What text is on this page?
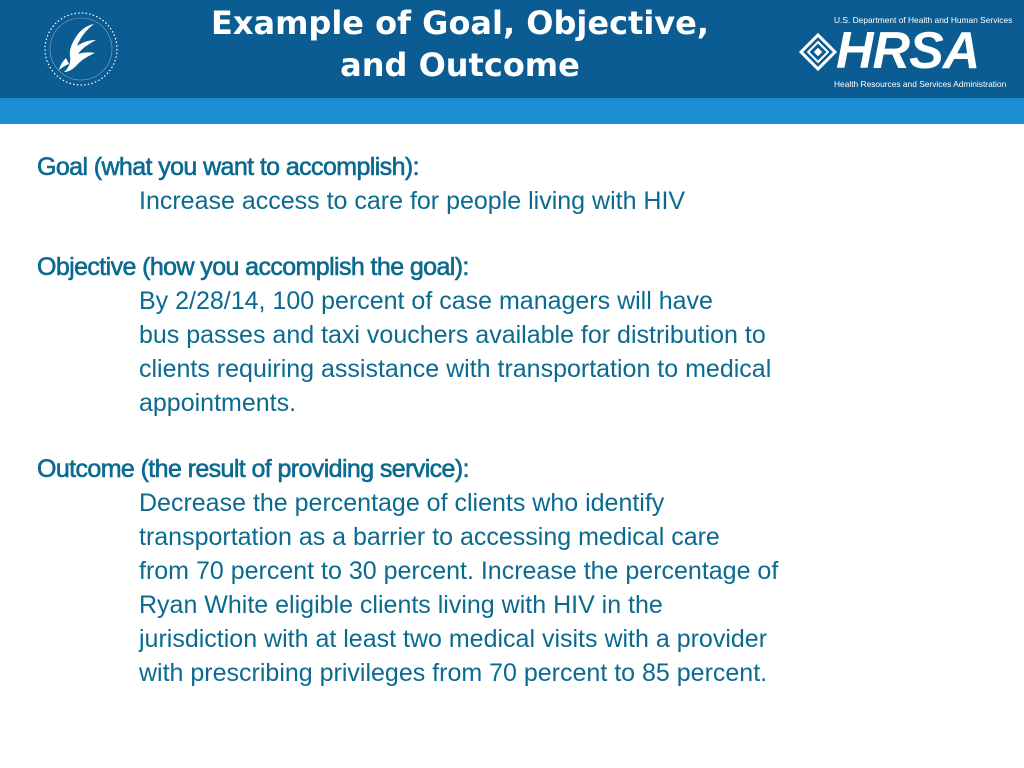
Example of Goal, Objective,
and Outcome
U.S. Department of Health and Human Services
HRSA
Health Resources and Services Administration
Goal (what you want to accomplish):
Increase access to care for people living with HIV
Objective (how you accomplish the goal):
By 2/28/14, 100 percent of case managers will have
bus passes and taxi vouchers available for distribution to
clients requiring assistance with transportation to medical
appointments.
Outcome (the result of providing service):
Decrease the percentage of clients who identify
transportation as a barrier to accessing medical care
from 70 percent to 30 percent. Increase the percentage of
Ryan White eligible clients living with HIV in the
jurisdiction with at least two medical visits with a provider
with prescribing privileges from 70 percent to 85 percent.
